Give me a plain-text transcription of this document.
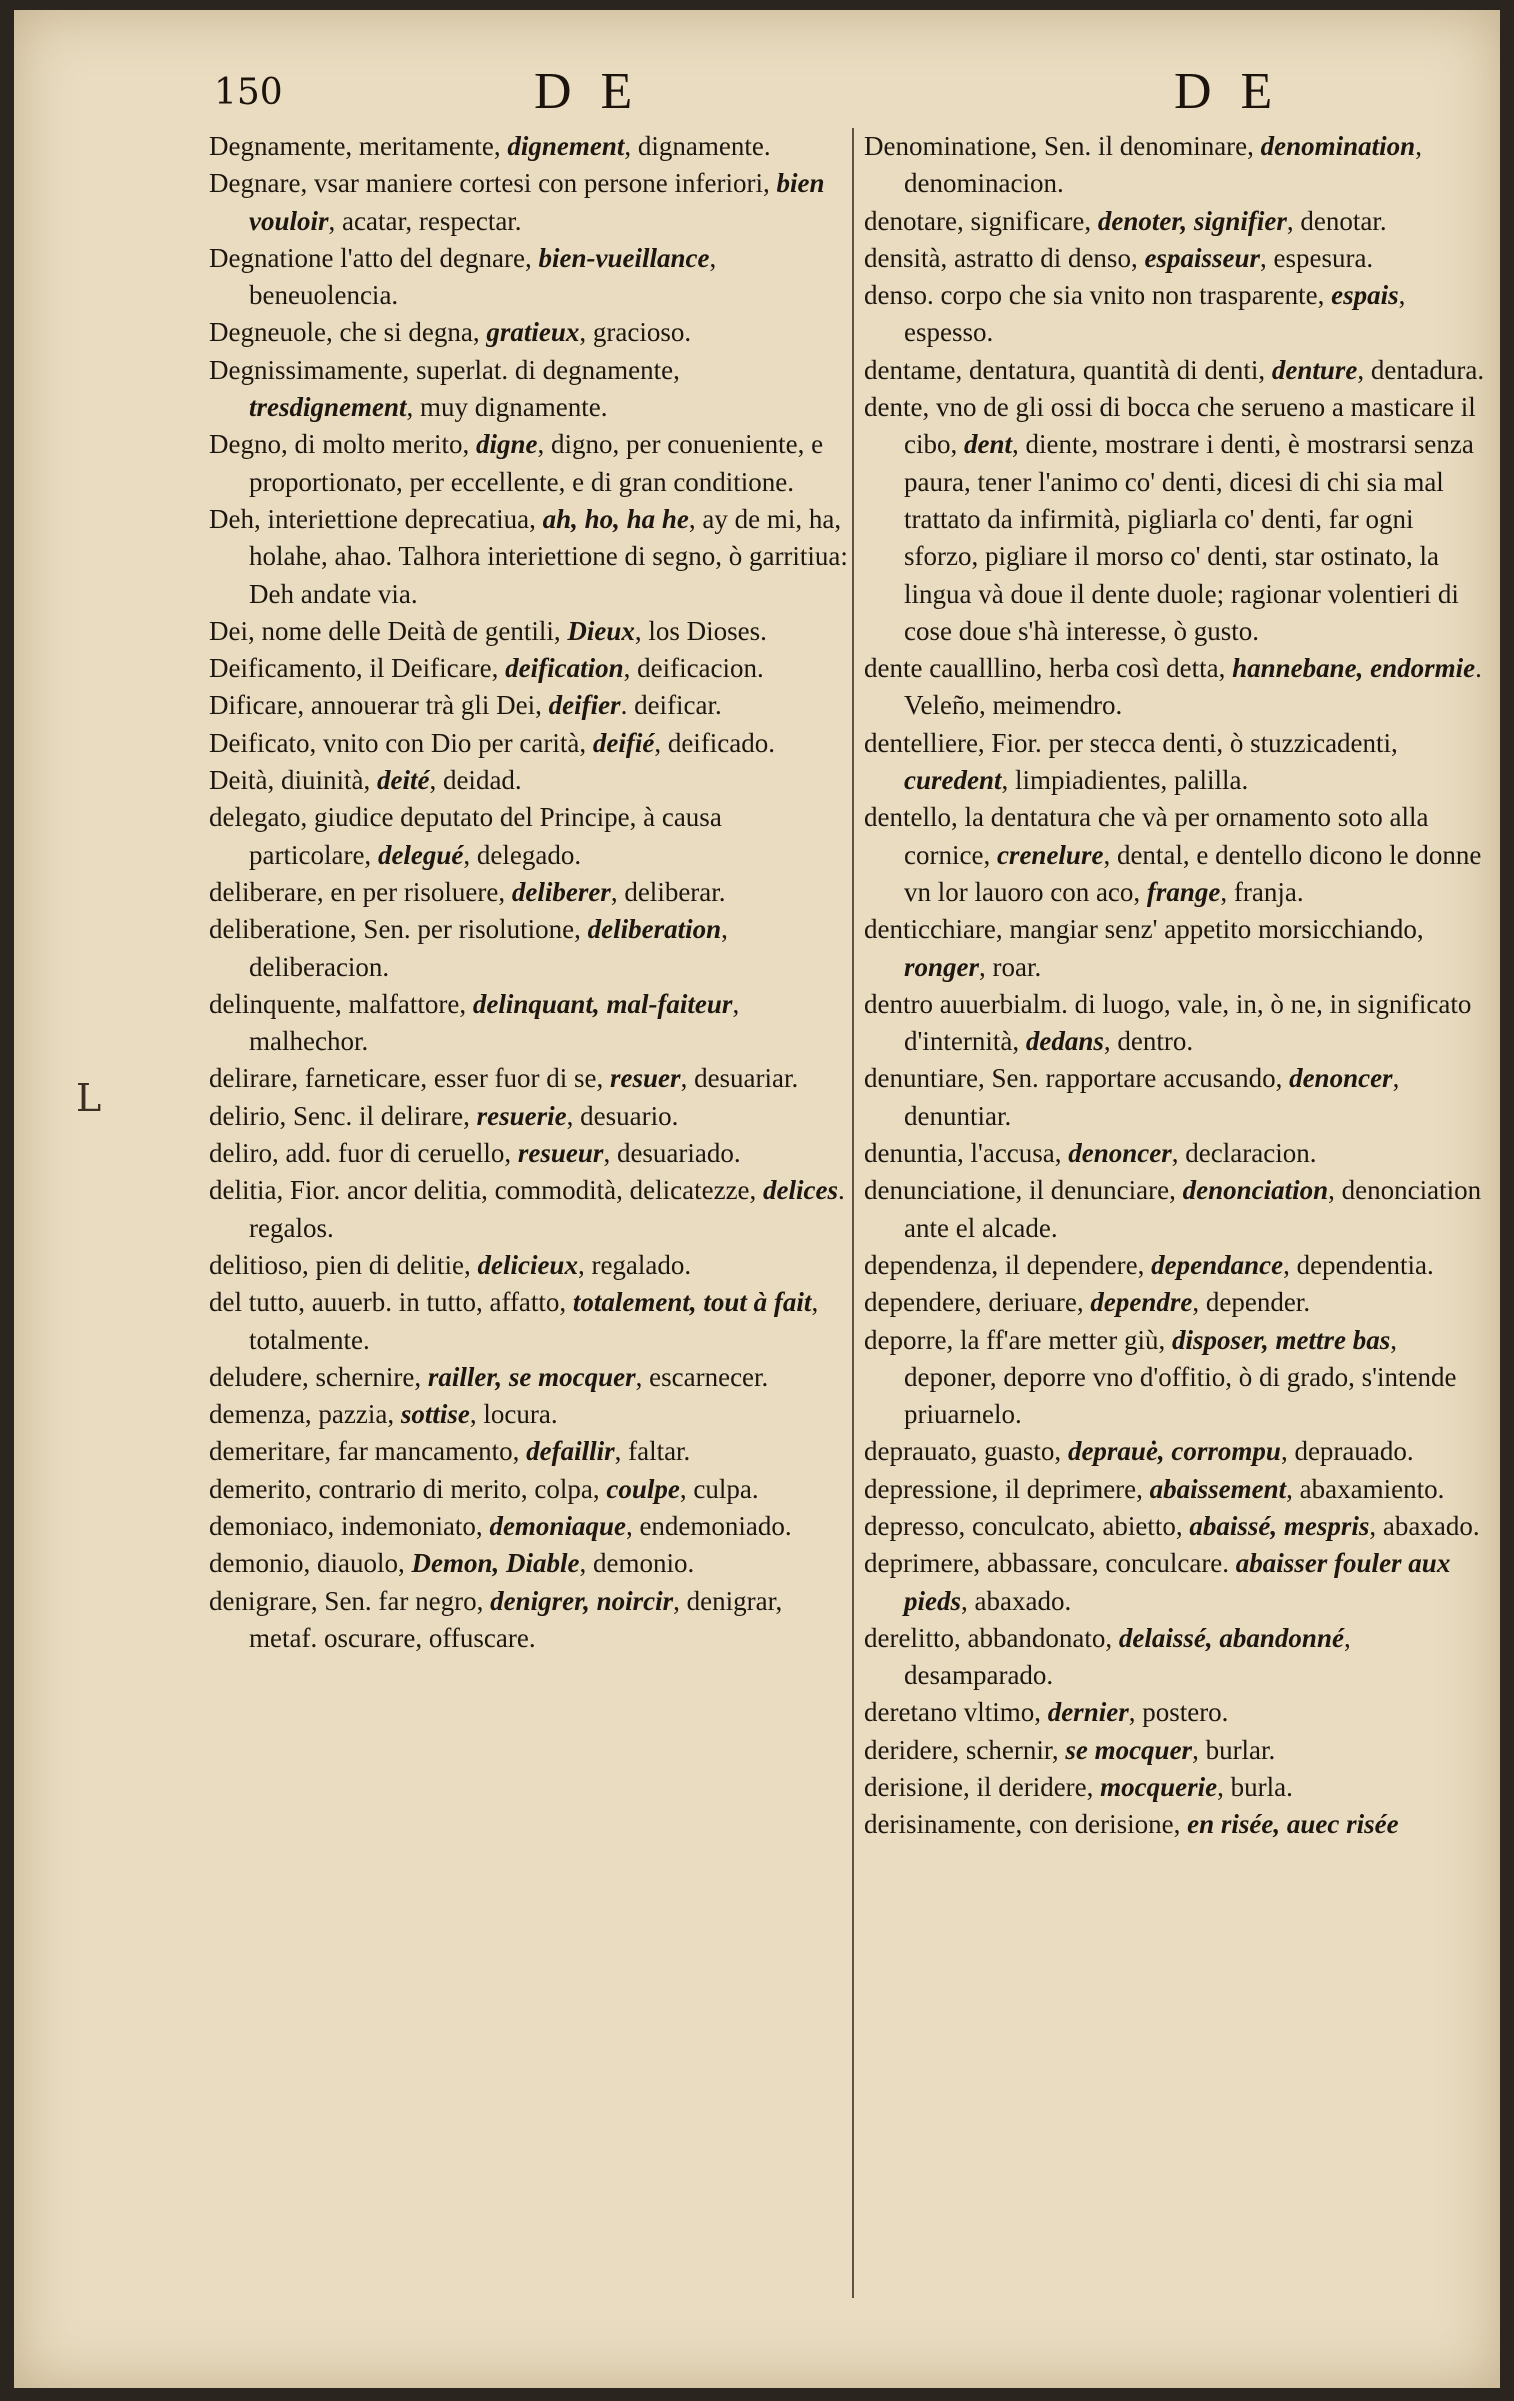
150	D E	D E
L

Degnamente, meritamente, dignement, dignamente.

Degnare, vsar maniere cortesi con persone inferiori, bien vouloir, acatar, respectar.

Degnatione l'atto del degnare, bien-vueillance, beneuolencia.

Degneuole, che si degna, gratieux, gracioso.

Degnissimamente, superlat. di degnamente, tresdignement, muy dignamente.

Degno, di molto merito, digne, digno, per conueniente, e proportionato, per eccellente, e di gran conditione.

Deh, interiettione deprecatiua, ah, ho, ha he, ay de mi, ha, holahe, ahao. Talhora interiettione di segno, ò garritiua: Deh andate via.

Dei, nome delle Deità de gentili, Dieux, los Dioses.

Deificamento, il Deificare, deification, deificacion.

Dificare, annouerar trà gli Dei, deifier. deificar.

Deificato, vnito con Dio per carità, deifié, deificado.

Deità, diuinità, deité, deidad.

delegato, giudice deputato del Principe, à causa particolare, delegué, delegado.

deliberare, en per risoluere, deliberer, deliberar.

deliberatione, Sen. per risolutione, deliberation, deliberacion.

delinquente, malfattore, delinquant, mal-faiteur, malhechor.

delirare, farneticare, esser fuor di se, resuer, desuariar.

delirio, Senc. il delirare, resuerie, desuario.

deliro, add. fuor di ceruello, resueur, desuariado.

delitia, Fior. ancor delitia, commodità, delicatezze, delices. regalos.

delitioso, pien di delitie, delicieux, regalado.

del tutto, auuerb. in tutto, affatto, totalement, tout à fait, totalmente.

deludere, schernire, railler, se mocquer, escarnecer.

demenza, pazzia, sottise, locura.

demeritare, far mancamento, defaillir, faltar.

demerito, contrario di merito, colpa, coulpe, culpa.

demoniaco, indemoniato, demoniaque, endemoniado.

demonio, diauolo, Demon, Diable, demonio.

denigrare, Sen. far negro, denigrer, noircir, denigrar, metaf. oscurare, offuscare.

Denominatione, Sen. il denominare, denomination, denominacion.

denotare, significare, denoter, signifier, denotar.

densità, astratto di denso, espaisseur, espesura.

denso. corpo che sia vnito non trasparente, espais, espesso.

dentame, dentatura, quantità di denti, denture, dentadura.

dente, vno de gli ossi di bocca che serueno a masticare il cibo, dent, diente, mostrare i denti, è mostrarsi senza paura, tener l'animo co' denti, dicesi di chi sia mal trattato da infirmità, pigliarla co' denti, far ogni sforzo, pigliare il morso co' denti, star ostinato, la lingua và doue il dente duole; ragionar volentieri di cose doue s'hà interesse, ò gusto.

dente caualllino, herba così detta, hannebane, endormie. Veleño, meimendro.

dentelliere, Fior. per stecca denti, ò stuzzicadenti, curedent, limpiadientes, palilla.

dentello, la dentatura che và per ornamento soto alla cornice, crenelure, dental, e dentello dicono le donne vn lor lauoro con aco, frange, franja.

denticchiare, mangiar senz' appetito morsicchiando, ronger, roar.

dentro auuerbialm. di luogo, vale, in, ò ne, in significato d'internità, dedans, dentro.

denuntiare, Sen. rapportare accusando, denoncer, denuntiar.

denuntia, l'accusa, denoncer, declaracion.

denunciatione, il denunciare, denonciation, denonciation ante el alcade.

dependenza, il dependere, dependance, dependentia.

dependere, deriuare, dependre, depender.

deporre, la ff'are metter giù, disposer, mettre bas, deponer, deporre vno d'offitio, ò di grado, s'intende priuarnelo.

deprauato, guasto, deprauė, corrompu, deprauado.

depressione, il deprimere, abaissement, abaxamiento.

depresso, conculcato, abietto, abaissé, mespris, abaxado.

deprimere, abbassare, conculcare. abaisser fouler aux pieds, abaxado.

derelitto, abbandonato, delaissé, abandonné, desamparado.

deretano vltimo, dernier, postero.

deridere, schernir, se mocquer, burlar.

derisione, il deridere, mocquerie, burla.

derisinamente, con derisione, en risée, auec risée
